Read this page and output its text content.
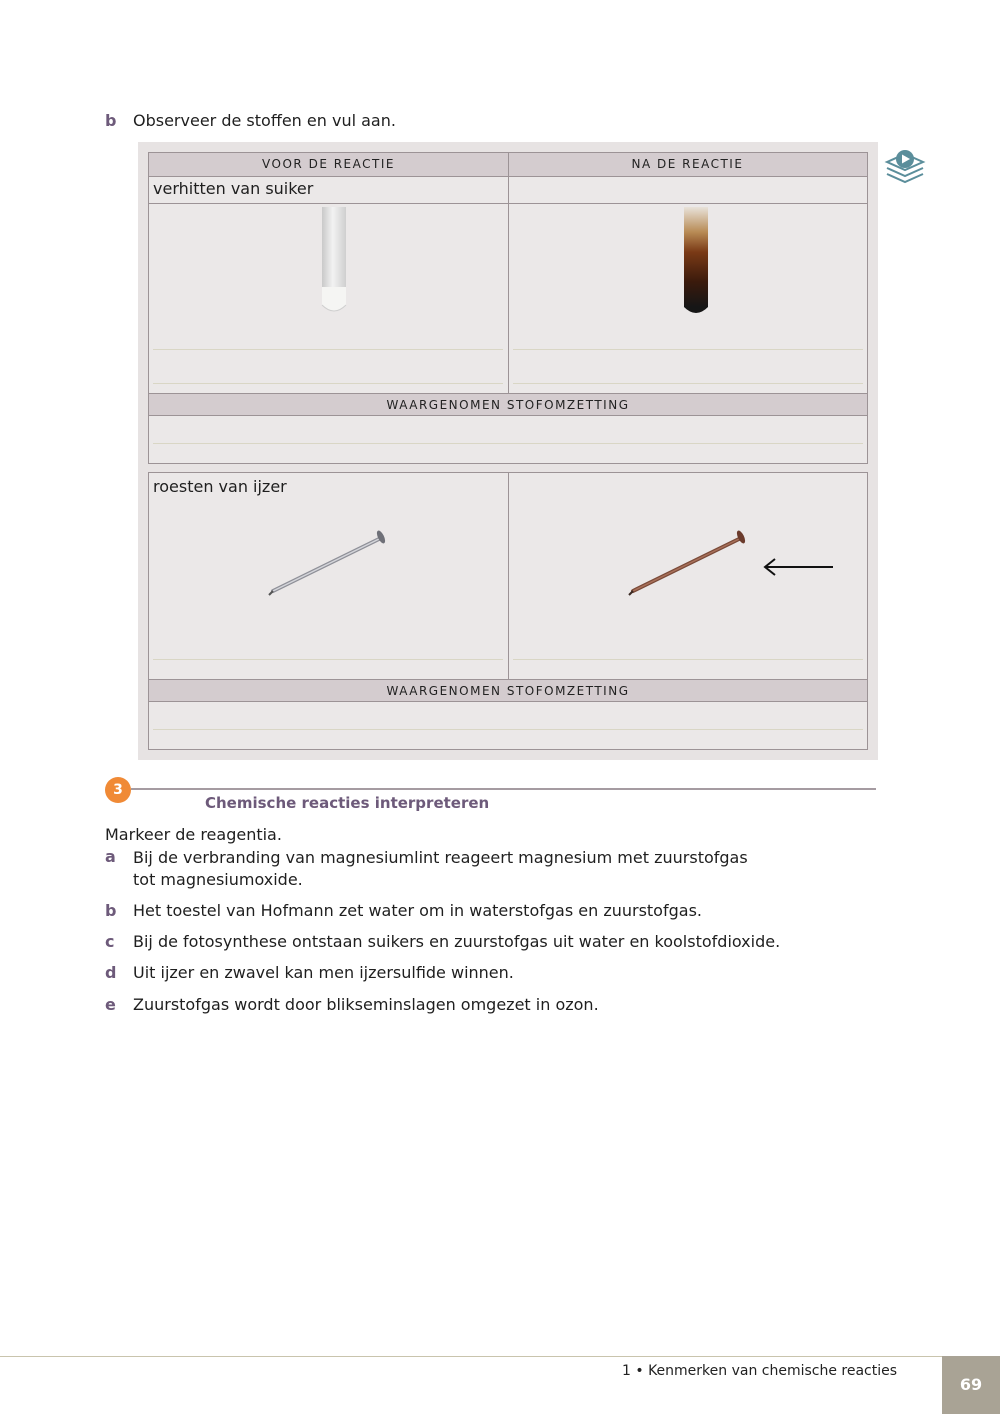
b Observeer de stoffen en vul aan.
VOOR DE REACTIE	NA DE REACTIE
verhitten van suiker
WAARGENOMEN STOFOMZETTING
roesten van ijzer
WAARGENOMEN STOFOMZETTING
3
Chemische reacties interpreteren
Markeer de reagentia.
a Bij de verbranding van magnesiumlint reageert magnesium met zuurstofgas tot magnesiumoxide.
b Het toestel van Hofmann zet water om in waterstofgas en zuurstofgas.
c Bij de fotosynthese ontstaan suikers en zuurstofgas uit water en koolstofdioxide.
d Uit ijzer en zwavel kan men ijzersulfide winnen.
e Zuurstofgas wordt door blikseminslagen omgezet in ozon.
1 • Kenmerken van chemische reacties
69
